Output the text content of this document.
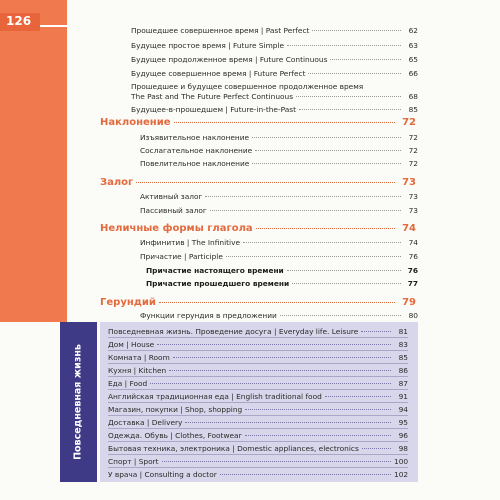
126
Прошедшее совершенное время | Past Perfect	62
Будущее простое время | Future Simple	63
Будущее продолженное время | Future Continuous	65
Будущее совершенное время | Future Perfect	66
Прошедшее и будущее совершенное продолженное время
The Past and The Future Perfect Continuous	68
Будущее-в-прошедшем | Future-in-the-Past	85
Наклонение	72
Изъявительное наклонение	72
Сослагательное наклонение	72
Повелительное наклонение	72
Залог	73
Активный залог	73
Пассивный залог	73
Неличные формы глагола	74
Инфинитив | The Infinitive	74
Причастие | Participle	76
Причастие настоящего времени	76
Причастие прошедшего времени	77
Герундий	79
Функции герундия в предложении	80
Повседневная жизнь
Повседневная жизнь. Проведение досуга | Everyday life. Leisure	81
Дом | House	83
Комната | Room	85
Кухня | Kitchen	86
Еда | Food	87
Английская традиционная еда | English traditional food	91
Магазин, покупки | Shop, shopping	94
Доставка | Delivery	95
Одежда. Обувь | Clothes, Footwear	96
Бытовая техника, электроника | Domestic appliances, electronics	98
Спорт | Sport	100
У врача | Consulting a doctor	102
